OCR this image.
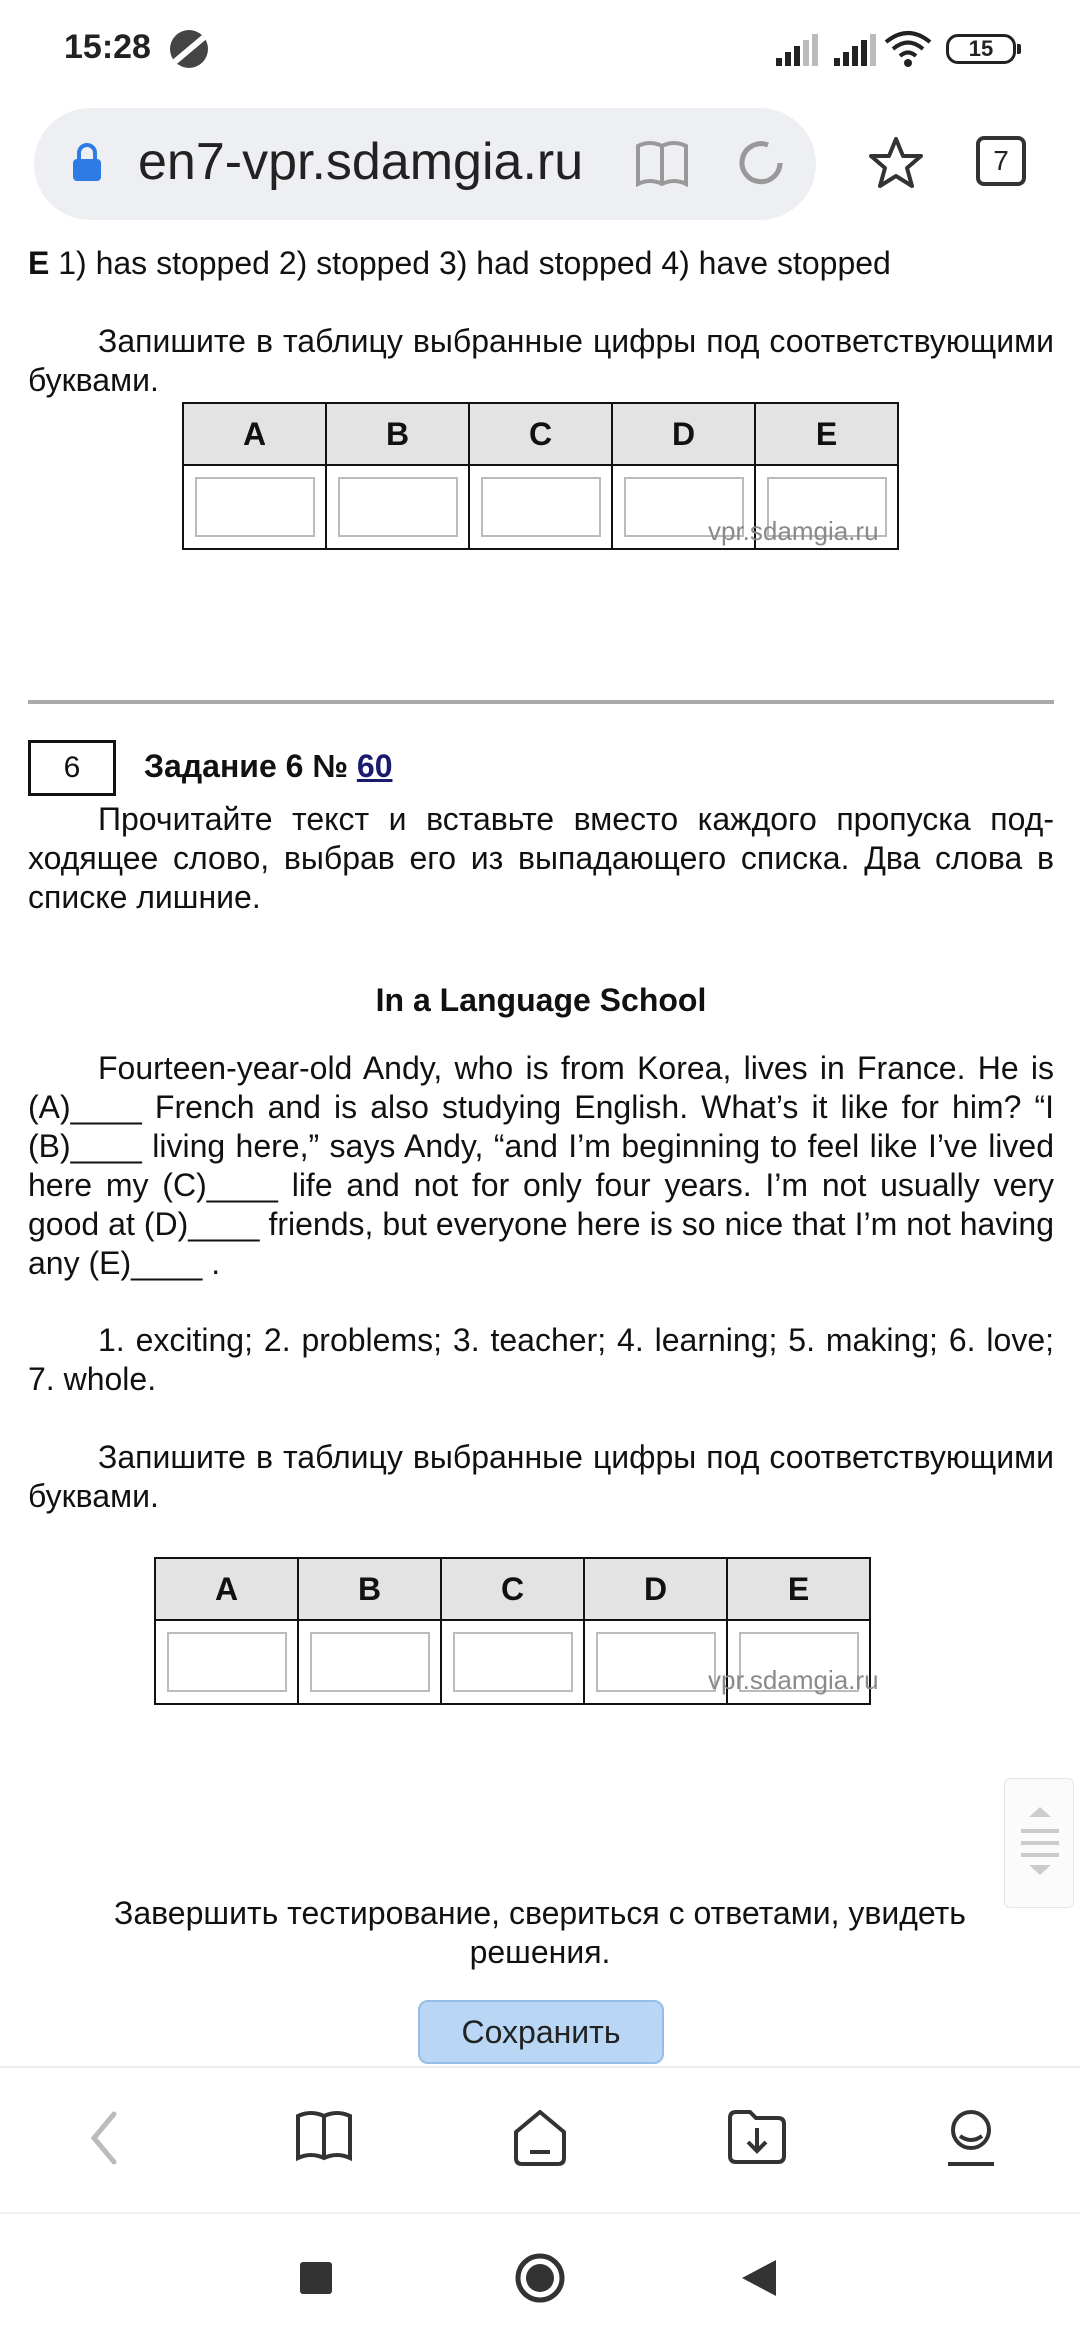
15:28	15
en7-vpr.sdamgia.ru	7
E 1) has stopped 2) stopped 3) had stopped 4) have stopped

Запишите в таблицу выбранные цифры под соответствующими буквами.

A	B	C	D	E

vpr.sdamgia.ru
6	Задание 6 № 60

Прочитайте текст и вставьте вместо каждого пропуска подходящее слово, выбрав его из выпадающего списка. Два слова в списке лишние.

In a Language School

Fourteen-year-old Andy, who is from Korea, lives in France. He is (A)____ French and is also studying English. What’s it like for him? “I (B)____ living here,” says Andy, “and I’m beginning to feel like I’ve lived here my (C)____ life and not for only four years. I’m not usually very good at (D)____ friends, but everyone here is so nice that I’m not having any (E)____ .

1. exciting; 2. problems; 3. teacher; 4. learning; 5. making; 6. love; 7. whole.

Запишите в таблицу выбранные цифры под соответствующими буквами.

A	B	C	D	E

vpr.sdamgia.ru

Завершить тестирование, свериться с ответами, увидеть решения.

Сохранить
